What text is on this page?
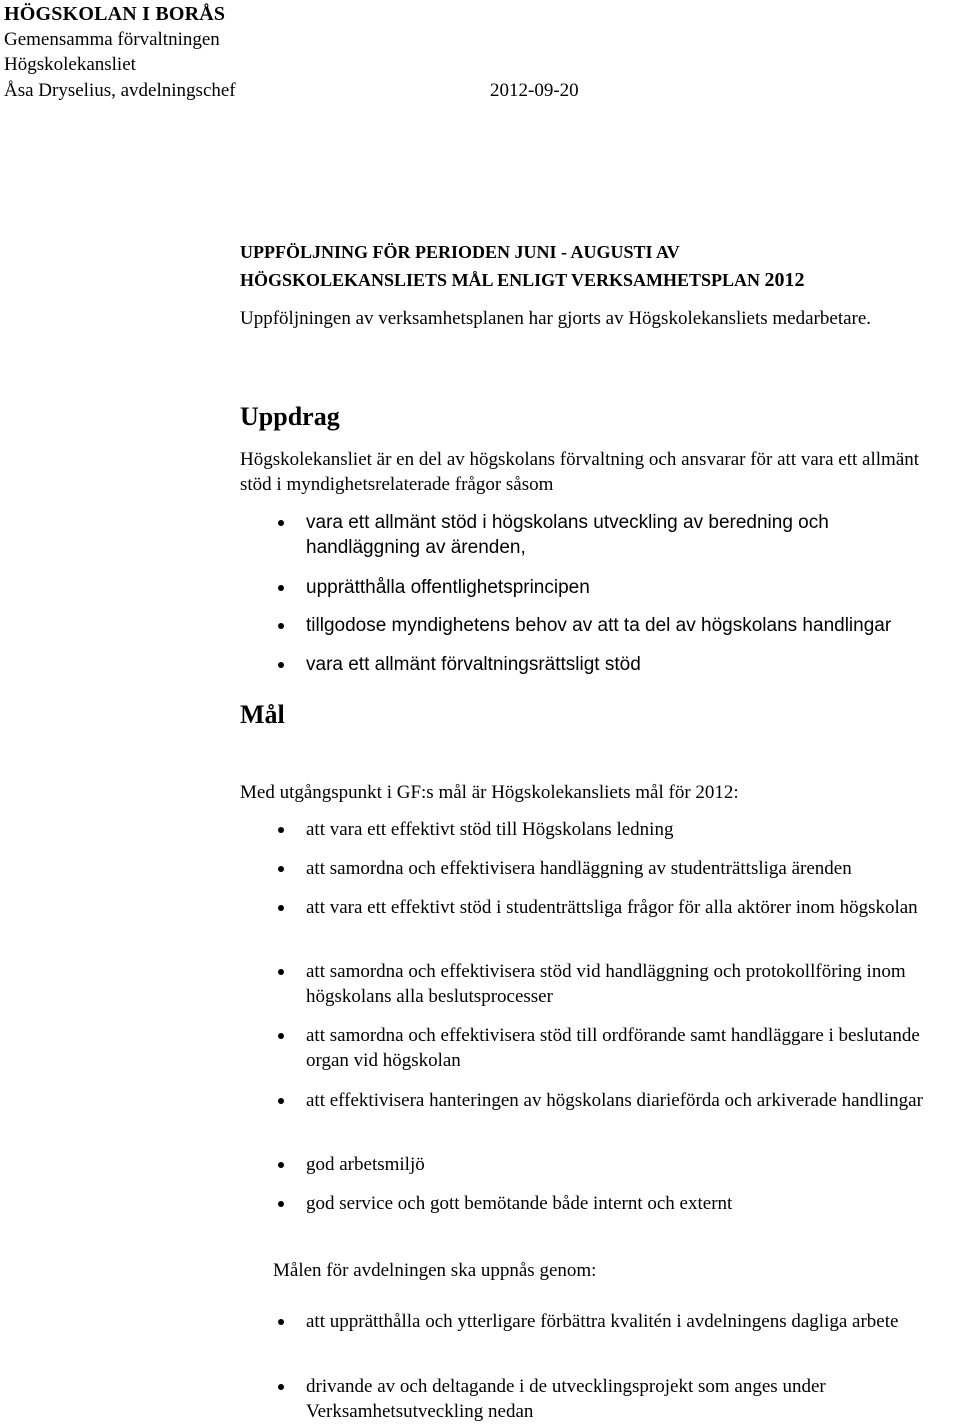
HÖGSKOLAN I BORÅS
Gemensamma förvaltningen
Högskolekansliet
Åsa Dryselius, avdelningschef	2012-09-20
UPPFÖLJNING FÖR PERIODEN JUNI - AUGUSTI AV
HÖGSKOLEKANSLIETS MÅL ENLIGT VERKSAMHETSPLAN 2012
Uppföljningen av verksamhetsplanen har gjorts av Högskolekansliets medarbetare.
Uppdrag
Högskolekansliet är en del av högskolans förvaltning och ansvarar för att vara ett allmänt stöd i myndighetsrelaterade frågor såsom
vara ett allmänt stöd i högskolans utveckling av beredning och handläggning av ärenden,
upprätthålla offentlighetsprincipen
tillgodose myndighetens behov av att ta del av högskolans handlingar
vara ett allmänt förvaltningsrättsligt stöd
Mål
Med utgångspunkt i GF:s mål är Högskolekansliets mål för 2012:
att vara ett effektivt stöd till Högskolans ledning
att samordna och effektivisera handläggning av studenträttsliga ärenden
att vara ett effektivt stöd i studenträttsliga frågor för alla aktörer inom högskolan
att samordna och effektivisera stöd vid handläggning och protokollföring inom högskolans alla beslutsprocesser
att samordna och effektivisera stöd till ordförande samt handläggare i beslutande organ vid högskolan
att effektivisera hanteringen av högskolans diarieförda och arkiverade handlingar
god arbetsmiljö
god service och gott bemötande både internt och externt
Målen för avdelningen ska uppnås genom:
att upprätthålla och ytterligare förbättra kvalitén i avdelningens dagliga arbete
drivande av och deltagande i de utvecklingsprojekt som anges under Verksamhetsutveckling nedan
